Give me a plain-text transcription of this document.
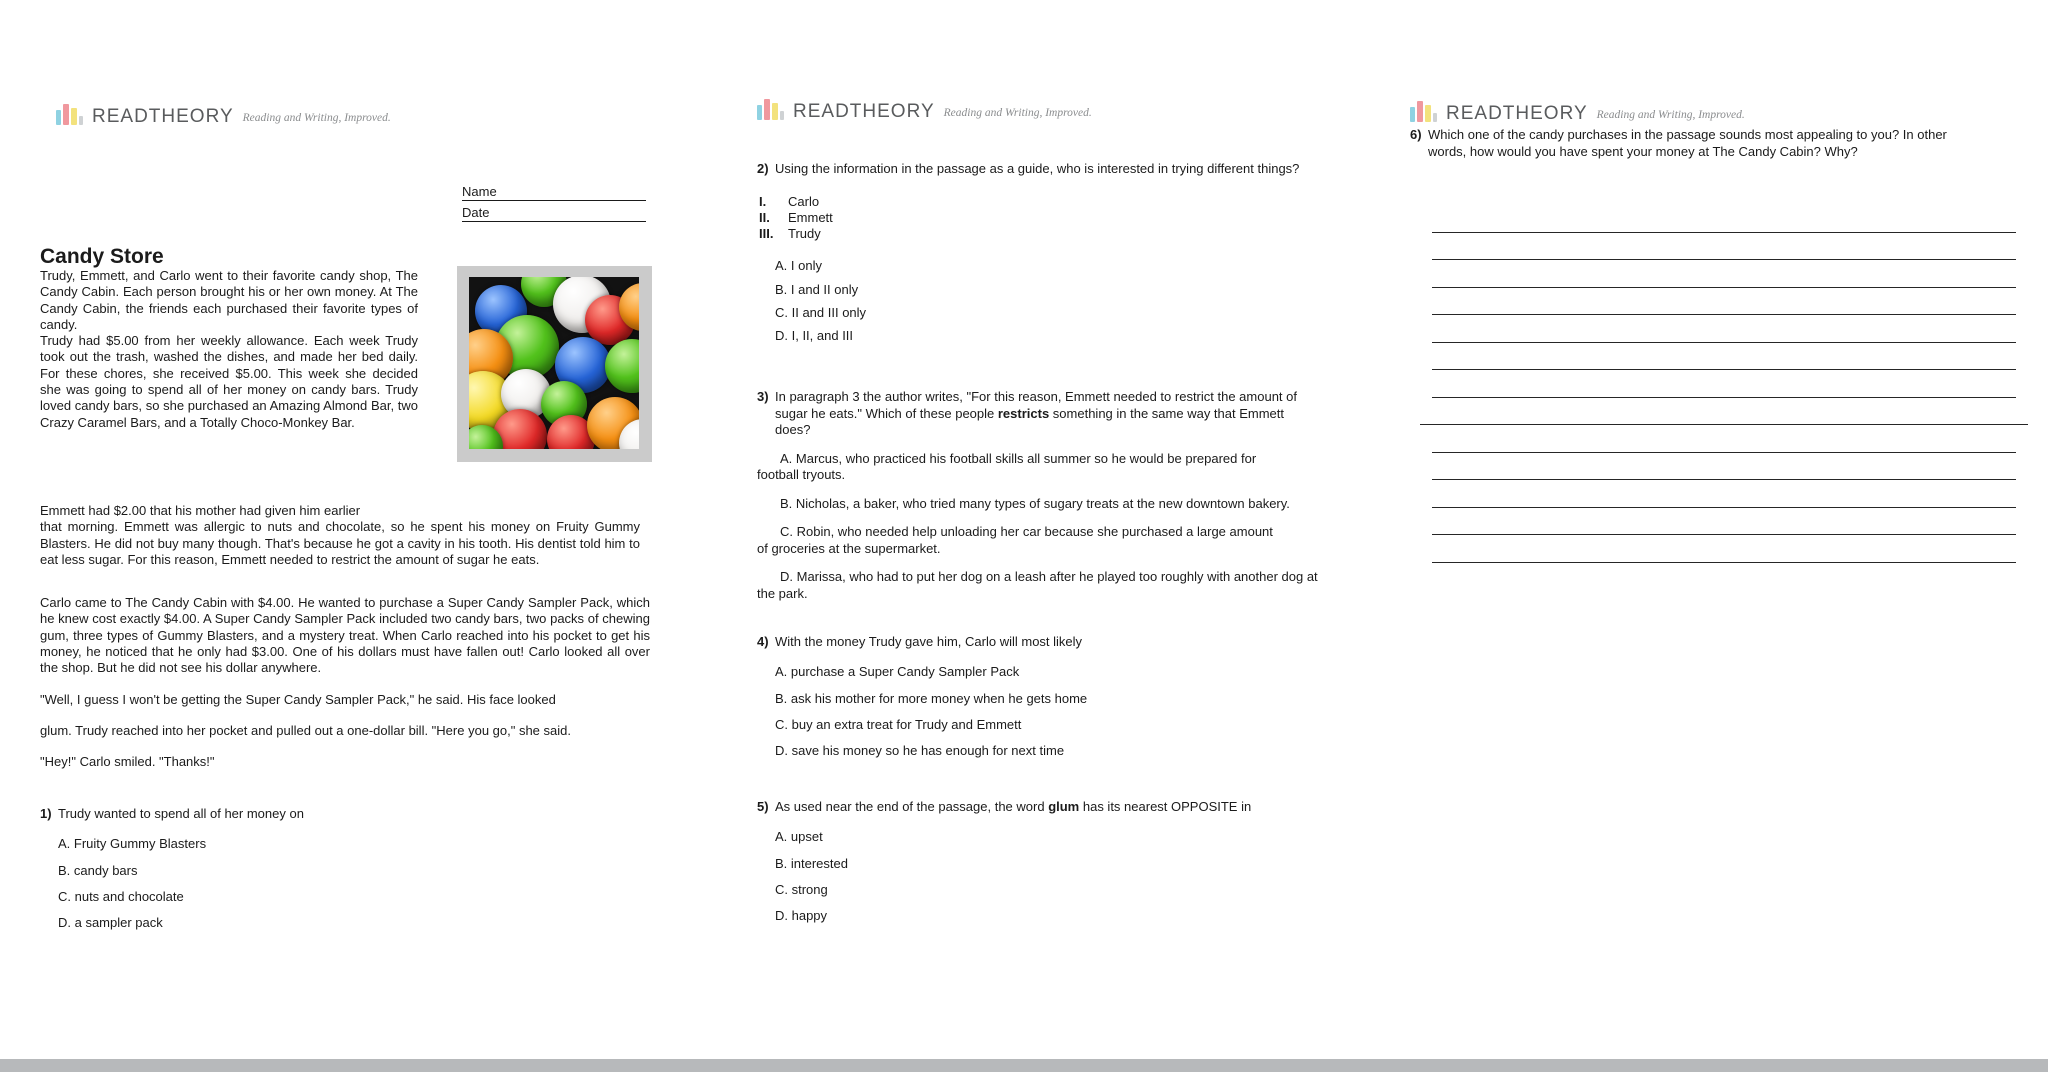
READTHEORY Reading and Writing, Improved.
Name
Date
Candy Store

Trudy, Emmett, and Carlo went to their favorite candy shop, The Candy Cabin. Each person brought his or her own money. At The Candy Cabin, the friends each purchased their favorite types of candy.

Trudy had $5.00 from her weekly allowance. Each week Trudy took out the trash, washed the dishes, and made her bed daily. For these chores, she received $5.00. This week she decided she was going to spend all of her money on candy bars. Trudy loved candy bars, so she purchased an Amazing Almond Bar, two Crazy Caramel Bars, and a Totally Choco-Monkey Bar.

Emmett had $2.00 that his mother had given him earlier
that morning. Emmett was allergic to nuts and chocolate, so he spent his money on Fruity Gummy Blasters. He did not buy many though. That's because he got a cavity in his tooth. His dentist told him to eat less sugar. For this reason, Emmett needed to restrict the amount of sugar he eats.
Carlo came to The Candy Cabin with $4.00. He wanted to purchase a Super Candy Sampler Pack, which he knew cost exactly $4.00. A Super Candy Sampler Pack included two candy bars, two packs of chewing gum, three types of Gummy Blasters, and a mystery treat. When Carlo reached into his pocket to get his money, he noticed that he only had $3.00. One of his dollars must have fallen out! Carlo looked all over the shop. But he did not see his dollar anywhere.
"Well, I guess I won't be getting the Super Candy Sampler Pack," he said. His face looked
glum. Trudy reached into her pocket and pulled out a one-dollar bill. "Here you go," she said.
"Hey!" Carlo smiled. "Thanks!"
1) Trudy wanted to spend all of her money on
A. Fruity Gummy Blasters
B. candy bars
C. nuts and chocolate
D. a sampler pack
READTHEORY Reading and Writing, Improved.
2) Using the information in the passage as a guide, who is interested in trying different things?
I. Carlo
II. Emmett
III. Trudy
A. I only
B. I and II only
C. II and III only
D. I, II, and III
3) In paragraph 3 the author writes, "For this reason, Emmett needed to restrict the amount of
sugar he eats." Which of these people restricts something in the same way that Emmett
does?
A. Marcus, who practiced his football skills all summer so he would be prepared for
football tryouts.
B. Nicholas, a baker, who tried many types of sugary treats at the new downtown bakery.
C. Robin, who needed help unloading her car because she purchased a large amount
of groceries at the supermarket.
D. Marissa, who had to put her dog on a leash after he played too roughly with another dog at
the park.
4) With the money Trudy gave him, Carlo will most likely
A. purchase a Super Candy Sampler Pack
B. ask his mother for more money when he gets home
C. buy an extra treat for Trudy and Emmett
D. save his money so he has enough for next time
5) As used near the end of the passage, the word glum has its nearest OPPOSITE in
A. upset
B. interested
C. strong
D. happy
READTHEORY Reading and Writing, Improved.
6) Which one of the candy purchases in the passage sounds most appealing to you? In other
words, how would you have spent your money at The Candy Cabin? Why?
